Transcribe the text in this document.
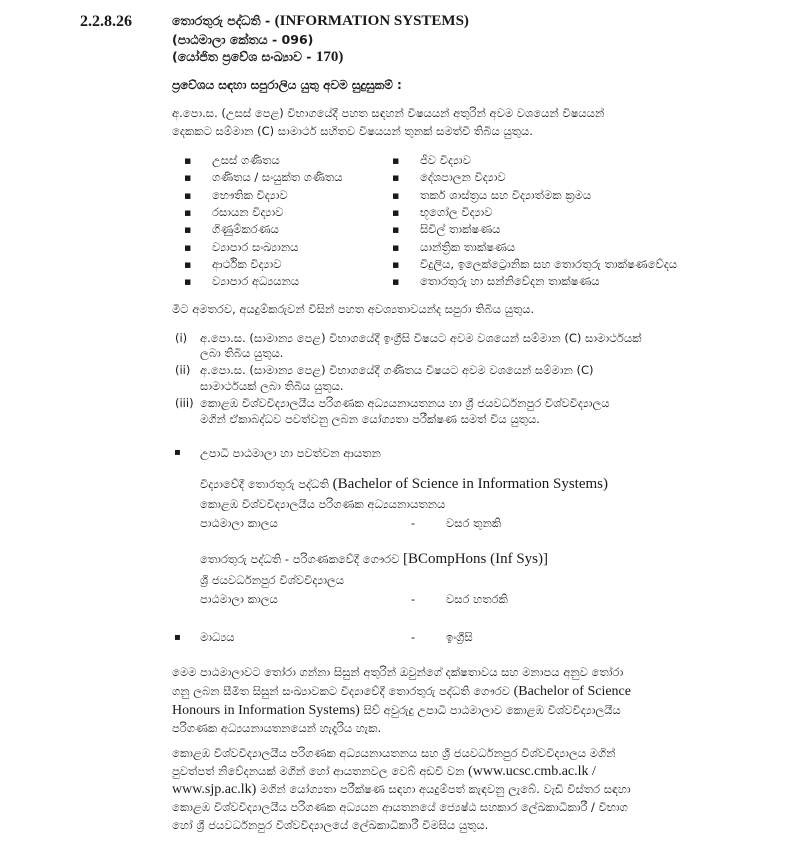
2.2.8.26	තොරතුරු පද්ධති - (INFORMATION SYSTEMS)
(පාඨමාලා කේතය - 096)
(යෝජිත ප්‍රවේශ සංඛ්‍යාව - 170)
ප්‍රවේශය සඳහා සපුරාලිය යුතු අවම සුදුසුකම් :
අ.පො.ස. (උසස් පෙළ) විභාගයේදී පහත සඳහන් විෂයයන් අතුරින් අවම වශයෙන් විෂයයන්
දෙකකට සම්මාන (C) සාමාර්ථ සහිතව විෂයයන් තුනක් සමත්වී තිබිය යුතුය.
▪ උසස් ගණිතය
▪ ගණිතය / සංයුක්ත ගණිතය
▪ භෞතික විද්‍යාව
▪ රසායන විද්‍යාව
▪ ගිණුම්කරණය
▪ ව්‍යාපාර සංඛ්‍යානය
▪ ආර්ථික විද්‍යාව
▪ ව්‍යාපාර අධ්‍යයනය
▪ ජීව විද්‍යාව
▪ දේශපාලන විද්‍යාව
▪ තර්ක ශාස්ත්‍රය සහ විද්‍යාත්මක ක්‍රමය
▪ භූගෝල විද්‍යාව
▪ සිවිල් තාක්ෂණය
▪ යාන්ත්‍රික තාක්ෂණය
▪ විදුලිය, ඉලෙක්ට්‍රොනික සහ තොරතුරු තාක්ෂණවේදය
▪ තොරතුරු හා සන්නිවේදන තාක්ෂණය
මීට අමතරව, අයදුම්කරුවන් විසින් පහත අවශ්‍යතාවයන්ද සපුරා තිබිය යුතුය.
(i) අ.පො.ස. (සාමාන්‍ය පෙළ) විභාගයේදී ඉංග්‍රීසි විෂයට අවම වශයෙන් සම්මාන (C) සාමාර්ථයක්
ලබා තිබිය යුතුය.
(ii) අ.පො.ස. (සාමාන්‍ය පෙළ) විභාගයේදී ගණිතය විෂයට අවම වශයෙන් සම්මාන (C)
සාමාර්ථයක් ලබා තිබිය යුතුය.
(iii) කොළඹ විශ්වවිද්‍යාලයීය පරිගණක අධ්‍යයනායතනය හා ශ්‍රී ජයවර්ධනපුර විශ්වවිද්‍යාලය
මගින් ඒකාබද්ධව පවත්වනු ලබන යෝග්‍යතා පරීක්ෂණ සමත් විය යුතුය.
▪ උපාධි පාඨමාලා හා පවත්වන ආයතන
විද්‍යාවේදී තොරතුරු පද්ධති (Bachelor of Science in Information Systems)
කොළඹ විශ්වවිද්‍යාලයීය පරිගණක අධ්‍යයනායතනය
පාඨමාලා කාලය	-	වසර තුනකි
තොරතුරු පද්ධති - පරිගණකවේදී ගෞරව [BCompHons (Inf Sys)]
ශ්‍රී ජයවර්ධනපුර විශ්වවිද්‍යාලය
පාඨමාලා කාලය	-	වසර හතරකි
▪ මාධ්‍යය	-	ඉංග්‍රීසි
මෙම පාඨමාලාවට තෝරා ගන්නා සිසුන් අතුරින් ඔවුන්ගේ දක්ෂතාවය සහ මනාපය අනුව තෝරා
ගනු ලබන සීමිත සිසුන් සංඛ්‍යාවකට විද්‍යාවේදී තොරතුරු පද්ධති ගෞරව (Bachelor of Science
Honours in Information Systems) සිව් අවුරුදු උපාධි පාඨමාලාව කොළඹ විශ්වවිද්‍යාලයීය
පරිගණක අධ්‍යයනායතනයෙන් හැදෑරිය හැක.
කොළඹ විශ්වවිද්‍යාලයීය පරිගණක අධ්‍යයනායතනය සහ ශ්‍රී ජයවර්ධනපුර විශ්වවිද්‍යාලය මගින්
පුවත්පත් නිවේදනයක් මගින් හෝ ආයතනවල වෙබ් අඩවි වන (www.ucsc.cmb.ac.lk /
www.sjp.ac.lk) මගින් යෝග්‍යතා පරීක්ෂණ සඳහා අයදුම්පත් කැඳවනු ලැබේ. වැඩි විස්තර සඳහා
කොළඹ විශ්වවිද්‍යාලයීය පරිගණක අධ්‍යයන ආයතනයේ ජ්‍යෙෂ්ඨ සහකාර ලේඛකාධිකාරී / විභාග
හෝ ශ්‍රී ජයවර්ධනපුර විශ්වවිද්‍යාලයේ ලේඛකාධිකාරී විමසිය යුතුය.
